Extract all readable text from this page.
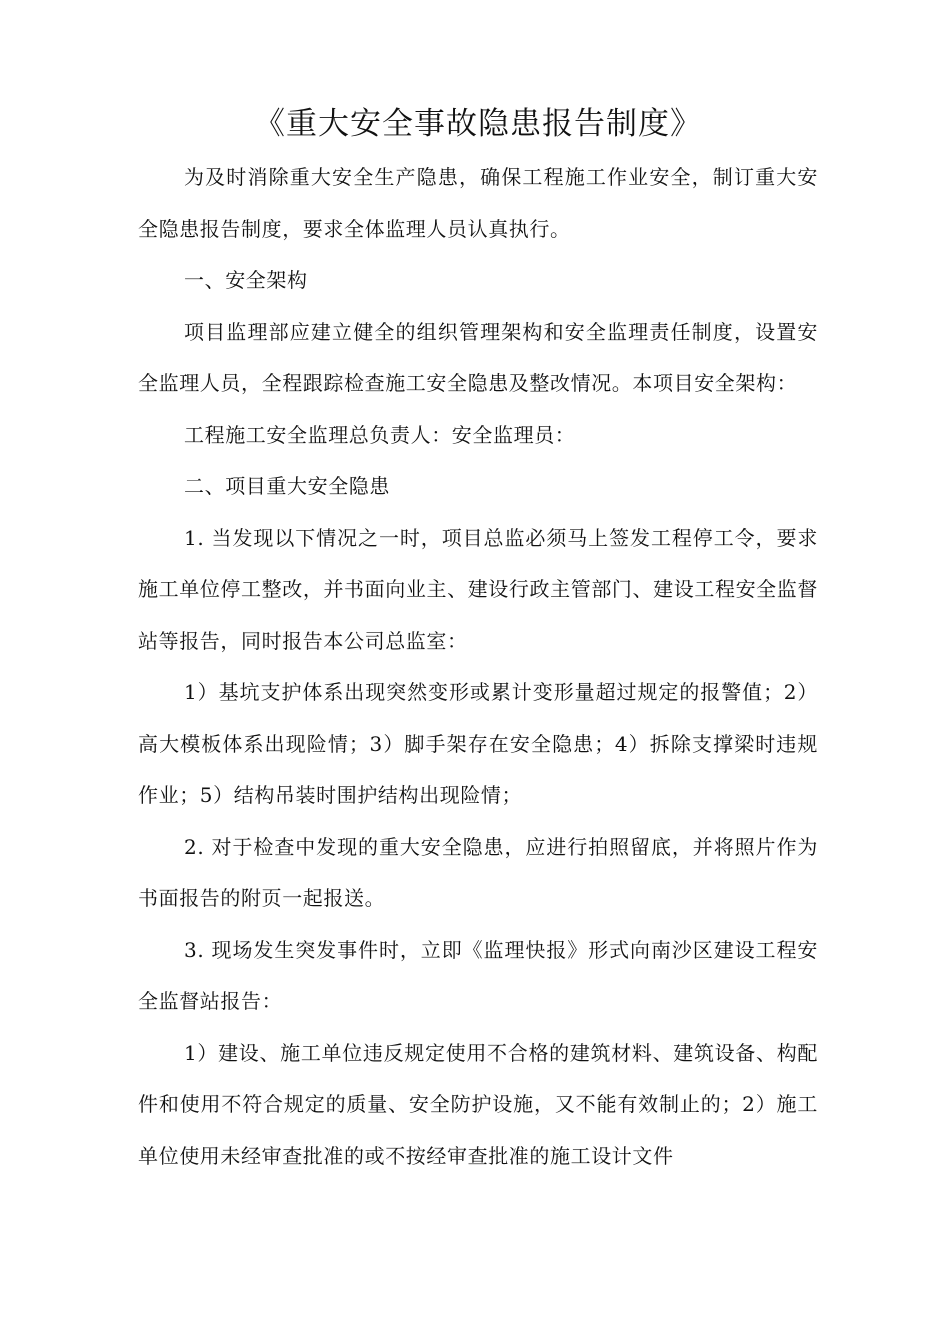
《重大安全事故隐患报告制度》

为及时消除重大安全生产隐患，确保工程施工作业安全，制订重大安全隐患报告制度，要求全体监理人员认真执行。

一、安全架构

项目监理部应建立健全的组织管理架构和安全监理责任制度，设置安全监理人员，全程跟踪检查施工安全隐患及整改情况。本项目安全架构：

工程施工安全监理总负责人：安全监理员：

二、项目重大安全隐患

1. 当发现以下情况之一时，项目总监必须马上签发工程停工令，要求施工单位停工整改，并书面向业主、建设行政主管部门、建设工程安全监督站等报告，同时报告本公司总监室：

1）基坑支护体系出现突然变形或累计变形量超过规定的报警值；2）高大模板体系出现险情；3）脚手架存在安全隐患；4）拆除支撑梁时违规作业；5）结构吊装时围护结构出现险情；

2. 对于检查中发现的重大安全隐患，应进行拍照留底，并将照片作为书面报告的附页一起报送。

3. 现场发生突发事件时，立即《监理快报》形式向南沙区建设工程安全监督站报告：

1）建设、施工单位违反规定使用不合格的建筑材料、建筑设备、构配件和使用不符合规定的质量、安全防护设施，又不能有效制止的；2）施工单位使用未经审查批准的或不按经审查批准的施工设计文件
